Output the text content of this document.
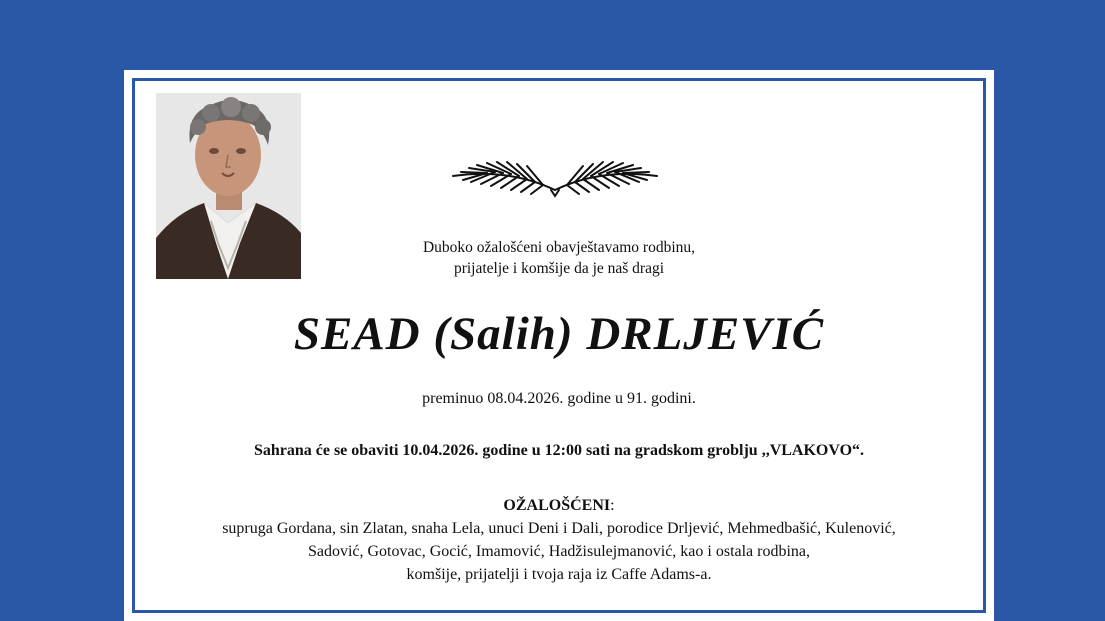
Duboko ožalošćeni obavještavamo rodbinu,
prijatelje i komšije da je naš dragi
SEAD (Salih) DRLJEVIĆ
preminuo 08.04.2026. godine u 91. godini.
Sahrana će se obaviti 10.04.2026. godine u 12:00 sati na gradskom groblju ,,VLAKOVO“.
OŽALOŠĆENI:
supruga Gordana, sin Zlatan, snaha Lela, unuci Deni i Dali, porodice Drljević, Mehmedbašić, Kulenović,
Sadović, Gotovac, Gocić, Imamović, Hadžisulejmanović, kao i ostala rodbina,
komšije, prijatelji i tvoja raja iz Caffe Adams-a.
